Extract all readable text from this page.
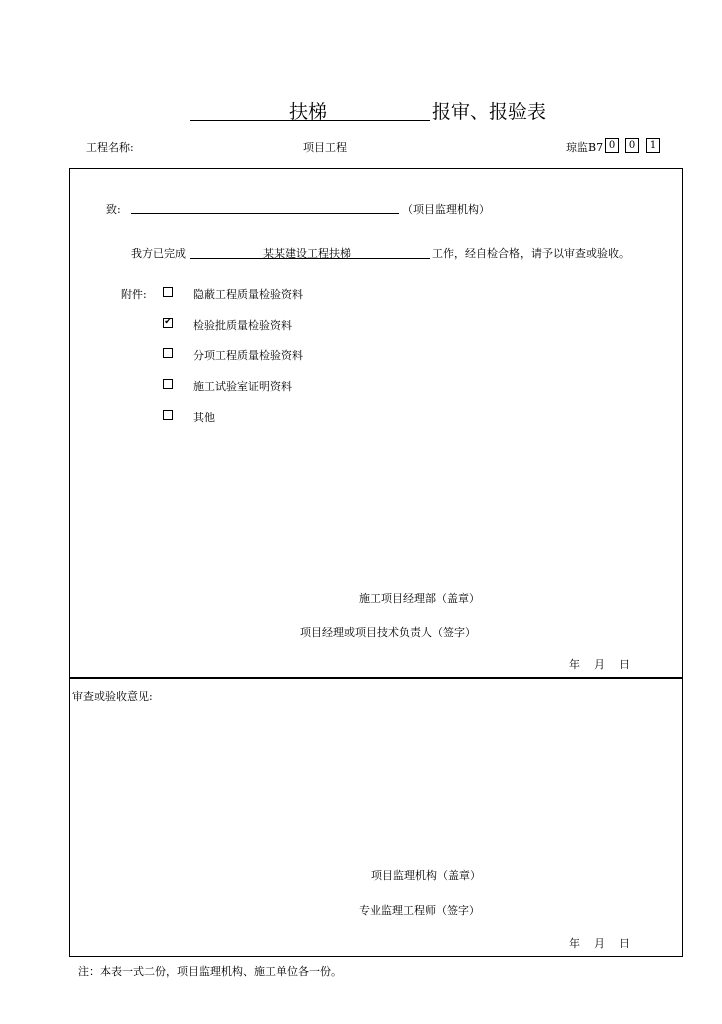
扶梯	报审、报验表
工程名称:	项目工程	琼监B7 0	0	1
致:	（项目监理机构）
我方已完成	某某建设工程扶梯	工作，经自检合格，请予以审查或验收。
附件:	隐蔽工程质量检验资料
✔ 检验批质量检验资料
分项工程质量检验资料
施工试验室证明资料
其他
施工项目经理部（盖章）
项目经理或项目技术负责人（签字）
年 月 日
审查或验收意见:
项目监理机构（盖章）
专业监理工程师（签字）
年 月 日
注：本表一式二份，项目监理机构、施工单位各一份。
